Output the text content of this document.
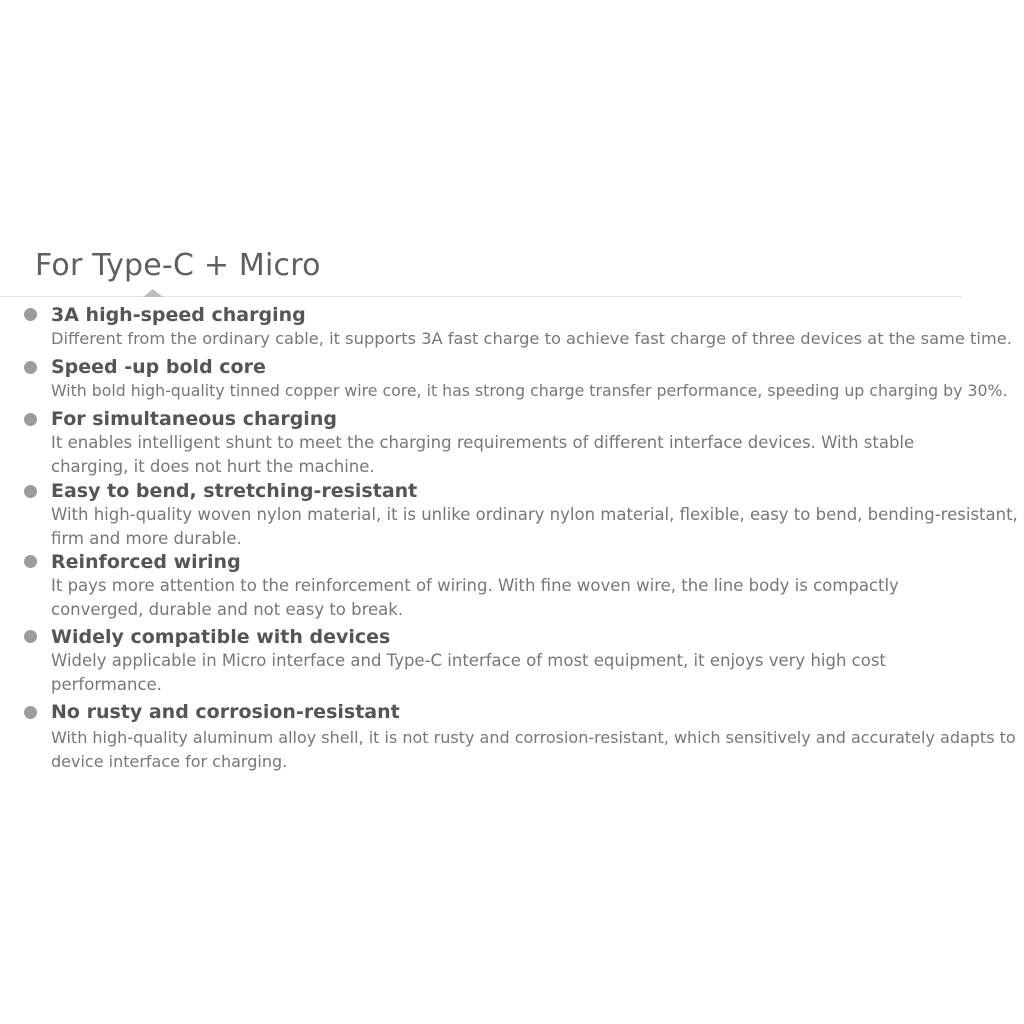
For Type-C + Micro
3A high-speed charging

Different from the ordinary cable, it supports 3A fast charge to achieve fast charge of three devices at the same time.

Speed -up bold core

With bold high-quality tinned copper wire core, it has strong charge transfer performance, speeding up charging by 30%.

For simultaneous charging

It enables intelligent shunt to meet the charging requirements of different interface devices. With stable
charging, it does not hurt the machine.

Easy to bend, stretching-resistant

With high-quality woven nylon material, it is unlike ordinary nylon material, flexible, easy to bend, bending-resistant,
firm and more durable.

Reinforced wiring

It pays more attention to the reinforcement of wiring. With fine woven wire, the line body is compactly
converged, durable and not easy to break.

Widely compatible with devices

Widely applicable in Micro interface and Type-C interface of most equipment, it enjoys very high cost
performance.

No rusty and corrosion-resistant

With high-quality aluminum alloy shell, it is not rusty and corrosion-resistant, which sensitively and accurately adapts to
device interface for charging.
